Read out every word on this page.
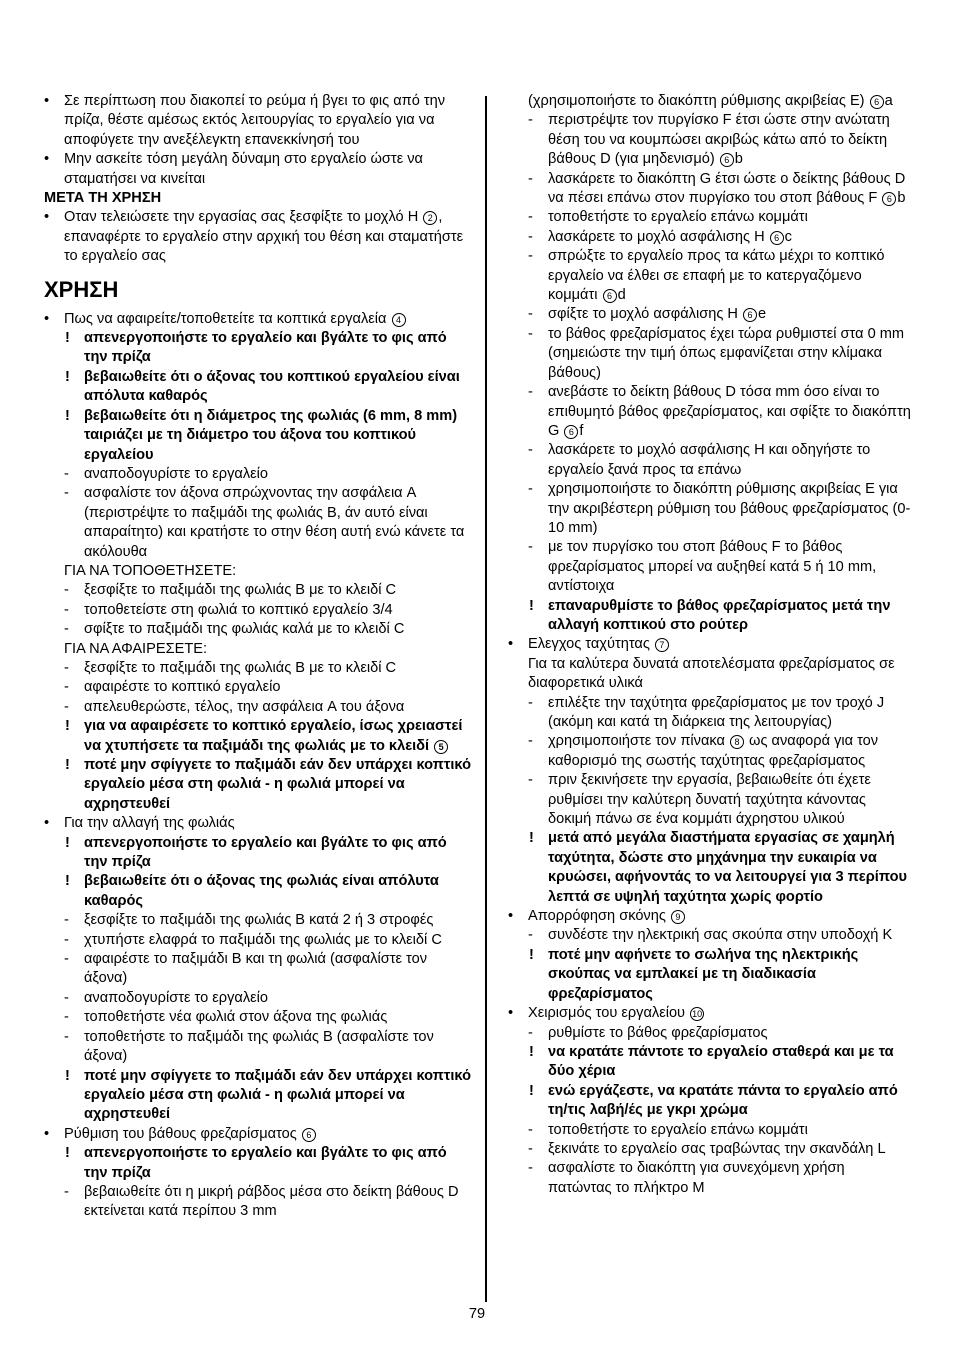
• Σε περίπτωση που διακοπεί το ρεύμα ή βγει το φις από την πρίζα, θέστε αμέσως εκτός λειτουργίας το εργαλείο για να αποφύγετε την ανεξέλεγκτη επανεκκίνησή του
• Μην ασκείτε τόση μεγάλη δύναμη στο εργαλείο ώστε να σταματήσει να κινείται
ΜΕΤΑ ΤΗ ΧΡΗΣΗ
• Οταν τελειώσετε την εργασίας σας ξεσφίξτε το μοχλό Η 2 , επαναφέρτε το εργαλείο στην αρχική του θέση και σταματήστε το εργαλείο σας
ΧΡΗΣΗ
• Πως να αφαιρείτε/τοποθετείτε τα κοπτικά εργαλεία 4
! απενεργοποιήστε το εργαλείο και βγάλτε το φις από την πρίζα
! βεβαιωθείτε ότι ο άξονας του κοπτικού εργαλείου είναι απόλυτα καθαρός
! βεβαιωθείτε ότι η διάμετρος της φωλιάς (6 mm, 8 mm) ταιριάζει με τη διάμετρο του άξονα του κοπτικού εργαλείου
- αναποδογυρίστε το εργαλείο
- ασφαλίστε τον άξονα σπρώχνοντας την ασφάλεια A (περιστρέψτε το παξιμάδι της φωλιάς B, άν αυτό είναι απαραίτητο) και κρατήστε το στην θέση αυτή ενώ κάνετε τα ακόλουθα
ΓΙΑ ΝΑ ΤΟΠΟΘΕΤΗΣΕΤΕ:
- ξεσφίξτε το παξιμάδι της φωλιάς B με το κλειδί C
- τοποθετείστε στη φωλιά το κοπτικό εργαλείο 3/4
- σφίξτε το παξιμάδι της φωλιάς καλά με το κλειδί C
ΓΙΑ ΝΑ ΑΦΑΙΡΕΣΕΤΕ:
- ξεσφίξτε το παξιμάδι της φωλιάς B με το κλειδί C
- αφαιρέστε το κοπτικό εργαλείο
- απελευθερώστε, τέλος, την ασφάλεια A του άξονα
! για να αφαιρέσετε το κοπτικό εργαλείο, ίσως χρειαστεί να χτυπήσετε τα παξιμάδι της φωλιάς με το κλειδί 5
! ποτέ μην σφίγγετε το παξιμάδι εάν δεν υπάρχει κοπτικό εργαλείο μέσα στη φωλιά - η φωλιά μπορεί να αχρηστευθεί
• Για την αλλαγή της φωλιάς
! απενεργοποιήστε το εργαλείο και βγάλτε το φις από την πρίζα
! βεβαιωθείτε ότι ο άξονας της φωλιάς είναι απόλυτα καθαρός
- ξεσφίξτε το παξιμάδι της φωλιάς B κατά 2 ή 3 στροφές
- χτυπήστε ελαφρά το παξιμάδι της φωλιάς με το κλειδί C
- αφαιρέστε το παξιμάδι B και τη φωλιά (ασφαλίστε τον άξονα)
- αναποδογυρίστε το εργαλείο
- τοποθετήστε νέα φωλιά στον άξονα της φωλιάς
- τοποθετήστε το παξιμάδι της φωλιάς B (ασφαλίστε τον άξονα)
! ποτέ μην σφίγγετε το παξιμάδι εάν δεν υπάρχει κοπτικό εργαλείο μέσα στη φωλιά - η φωλιά μπορεί να αχρηστευθεί
• Ρύθμιση του βάθους φρεζαρίσματος 6
! απενεργοποιήστε το εργαλείο και βγάλτε το φις από την πρίζα
- βεβαιωθείτε ότι η μικρή ράβδος μέσα στο δείκτη βάθους D εκτείνεται κατά περίπου 3 mm
(χρησιμοποιήστε το διακόπτη ρύθμισης ακριβείας E) 6 a
- περιστρέψτε τον πυργίσκο F έτσι ώστε στην ανώτατη θέση του να κουμπώσει ακριβώς κάτω από το δείκτη βάθους D (για μηδενισμό) 6 b
- λασκάρετε το διακόπτη G έτσι ώστε ο δείκτης βάθους D να πέσει επάνω στον πυργίσκο του στοπ βάθους F 6 b
- τοποθετήστε το εργαλείο επάνω κομμάτι
- λασκάρετε το μοχλό ασφάλισης H 6 c
- σπρώξτε το εργαλείο προς τα κάτω μέχρι το κοπτικό εργαλείο να έλθει σε επαφή με το κατεργαζόμενο κομμάτι 6 d
- σφίξτε το μοχλό ασφάλισης H 6 e
- το βάθος φρεζαρίσματος έχει τώρα ρυθμιστεί στα 0 mm (σημειώστε την τιμή όπως εμφανίζεται στην κλίμακα βάθους)
- ανεβάστε το δείκτη βάθους D τόσα mm όσο είναι το επιθυμητό βάθος φρεζαρίσματος, και σφίξτε το διακόπτη G 6 f
- λασκάρετε το μοχλό ασφάλισης H και οδηγήστε το εργαλείο ξανά προς τα επάνω
- χρησιμοποιήστε το διακόπτη ρύθμισης ακριβείας E για την ακριβέστερη ρύθμιση του βάθους φρεζαρίσματος (0-10 mm)
- με τον πυργίσκο του στοπ βάθους F το βάθος φρεζαρίσματος μπορεί να αυξηθεί κατά 5 ή 10 mm, αντίστοιχα
! επαναρυθμίστε το βάθος φρεζαρίσματος μετά την αλλαγή κοπτικού στο ρούτερ
• Ελεγχος ταχύτητας 7
Για τα καλύτερα δυνατά αποτελέσματα φρεζαρίσματος σε διαφορετικά υλικά
- επιλέξτε την ταχύτητα φρεζαρίσματος με τον τροχό J (ακόμη και κατά τη διάρκεια της λειτουργίας)
- χρησιμοποιήστε τον πίνακα 8 ως αναφορά για τον καθορισμό της σωστής ταχύτητας φρεζαρίσματος
- πριν ξεκινήσετε την εργασία, βεβαιωθείτε ότι έχετε ρυθμίσει την καλύτερη δυνατή ταχύτητα κάνοντας δοκιμή πάνω σε ένα κομμάτι άχρηστου υλικού
! μετά από μεγάλα διαστήματα εργασίας σε χαμηλή ταχύτητα, δώστε στο μηχάνημα την ευκαιρία να κρυώσει, αφήνοντάς το να λειτουργεί για 3 περίπου λεπτά σε υψηλή ταχύτητα χωρίς φορτίο
• Απορρόφηση σκόνης 9
- συνδέστε την ηλεκτρική σας σκούπα στην υποδοχή K
! ποτέ μην αφήνετε το σωλήνα της ηλεκτρικής σκούπας να εμπλακεί με τη διαδικασία φρεζαρίσματος
• Χειρισμός του εργαλείου 10
- ρυθμίστε το βάθος φρεζαρίσματος
! να κρατάτε πάντοτε το εργαλείο σταθερά και με τα δύο χέρια
! ενώ εργάζεστε, να κρατάτε πάντα το εργαλείο από τη/τις λαβή/ές με γκρι χρώμα
- τοποθετήστε το εργαλείο επάνω κομμάτι
- ξεκινάτε το εργαλείο σας τραβώντας την σκανδάλη L
- ασφαλίστε το διακόπτη για συνεχόμενη χρήση πατώντας το πλήκτρο M
79
